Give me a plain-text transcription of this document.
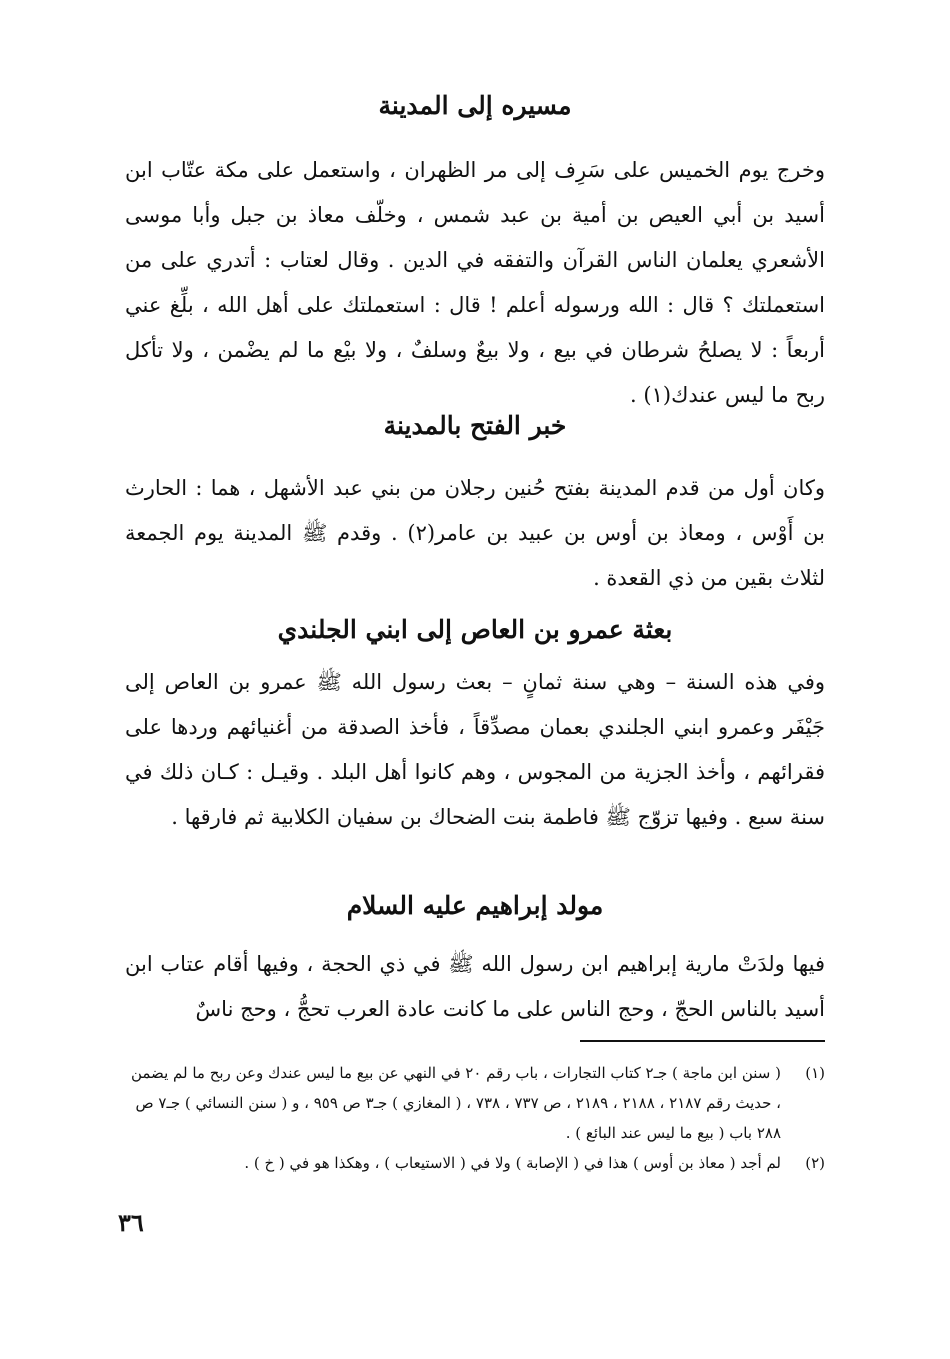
مسيره إلى المدينة

وخرج يوم الخميس على سَرِف إلى مر الظهران ، واستعمل على مكة عتّاب ابن أسيد بن أبي العيص بن أمية بن عبد شمس ، وخلّف معاذ بن جبل وأبا موسى الأشعري يعلمان الناس القرآن والتفقه في الدين . وقال لعتاب : أتدري على من استعملتك ؟ قال : الله ورسوله أعلم ! قال : استعملتك على أهل الله ، بلِّغ عني أربعاً : لا يصلحُ شرطان في بيع ، ولا بيعٌ وسلفٌ ، ولا بيْع ما لم يضْمن ، ولا تأكل ربح ما ليس عندك(١) .

خبر الفتح بالمدينة

وكان أول من قدم المدينة بفتح حُنين رجلان من بني عبد الأشهل ، هما : الحارث بن أَوْس ، ومعاذ بن أوس بن عبيد بن عامر(٢) . وقدم ﷺ المدينة يوم الجمعة لثلاث بقين من ذي القعدة .

بعثة عمرو بن العاص إلى ابني الجلندي

وفي هذه السنة – وهي سنة ثمانٍ – بعث رسول الله ﷺ عمرو بن العاص إلى جَيْفَر وعمرو ابني الجلندي بعمان مصدِّقاً ، فأخذ الصدقة من أغنيائهم وردها على فقرائهم ، وأخذ الجزية من المجوس ، وهم كانوا أهل البلد . وقيـل : كـان ذلك في سنة سبع . وفيها تزوّج ﷺ فاطمة بنت الضحاك بن سفيان الكلابية ثم فارقها .

مولد إبراهيم عليه السلام

فيها ولدَتْ مارية إبراهيم ابن رسول الله ﷺ في ذي الحجة ، وفيها أقام عتاب ابن أسيد بالناس الحجّ ، وحج الناس على ما كانت عادة العرب تحجُّ ، وحج ناسٌ

(١)
( سنن ابن ماجة ) جـ٢ كتاب التجارات ، باب رقم ٢٠ في النهي عن بيع ما ليس عندك وعن ربح ما لم يضمن ، حديث رقم ٢١٨٧ ، ٢١٨٨ ، ٢١٨٩ ، ص ٧٣٧ ، ٧٣٨ ، ( المغازي ) جـ٣ ص ٩٥٩ ، و ( سنن النسائي ) جـ٧ ص ٢٨٨ باب ( بيع ما ليس عند البائع ) .
(٢)
لم أجد ( معاذ بن أوس ) هذا في ( الإصابة ) ولا في ( الاستيعاب ) ، وهكذا هو في ( خ ) .
٣٦
